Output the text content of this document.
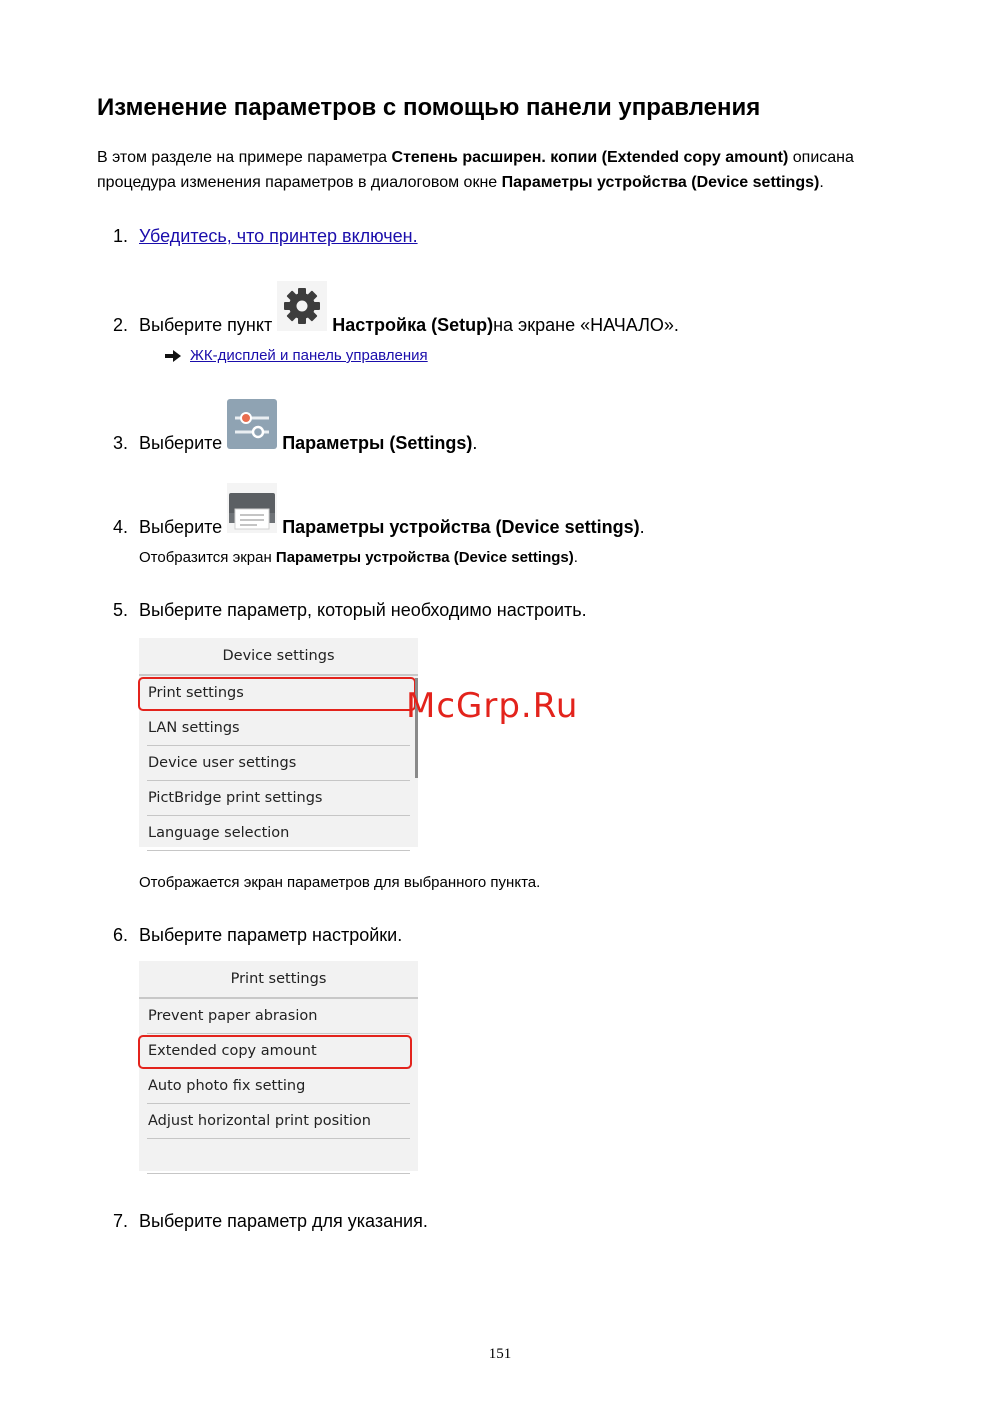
Изменение параметров с помощью панели управления

В этом разделе на примере параметра Степень расширен. копии (Extended copy amount) описана процедура изменения параметров в диалоговом окне Параметры устройства (Device settings).

1. Убедитесь, что принтер включен.
2. Выберите пункт	Настройка (Setup) на экране «НАЧАЛО».
ЖК-дисплей и панель управления
3. Выберите	Параметры (Settings) .
4. Выберите	Параметры устройства (Device settings) .
Отобразится экран Параметры устройства (Device settings).
5. Выберите параметр, который необходимо настроить.
Device settings
Print settings
LAN settings
Device user settings
PictBridge print settings
Language selection
McGrp.Ru
Отображается экран параметров для выбранного пункта.
6. Выберите параметр настройки.
Print settings
Prevent paper abrasion
Extended copy amount
Auto photo fix setting
Adjust horizontal print position
7. Выберите параметр для указания.
151
